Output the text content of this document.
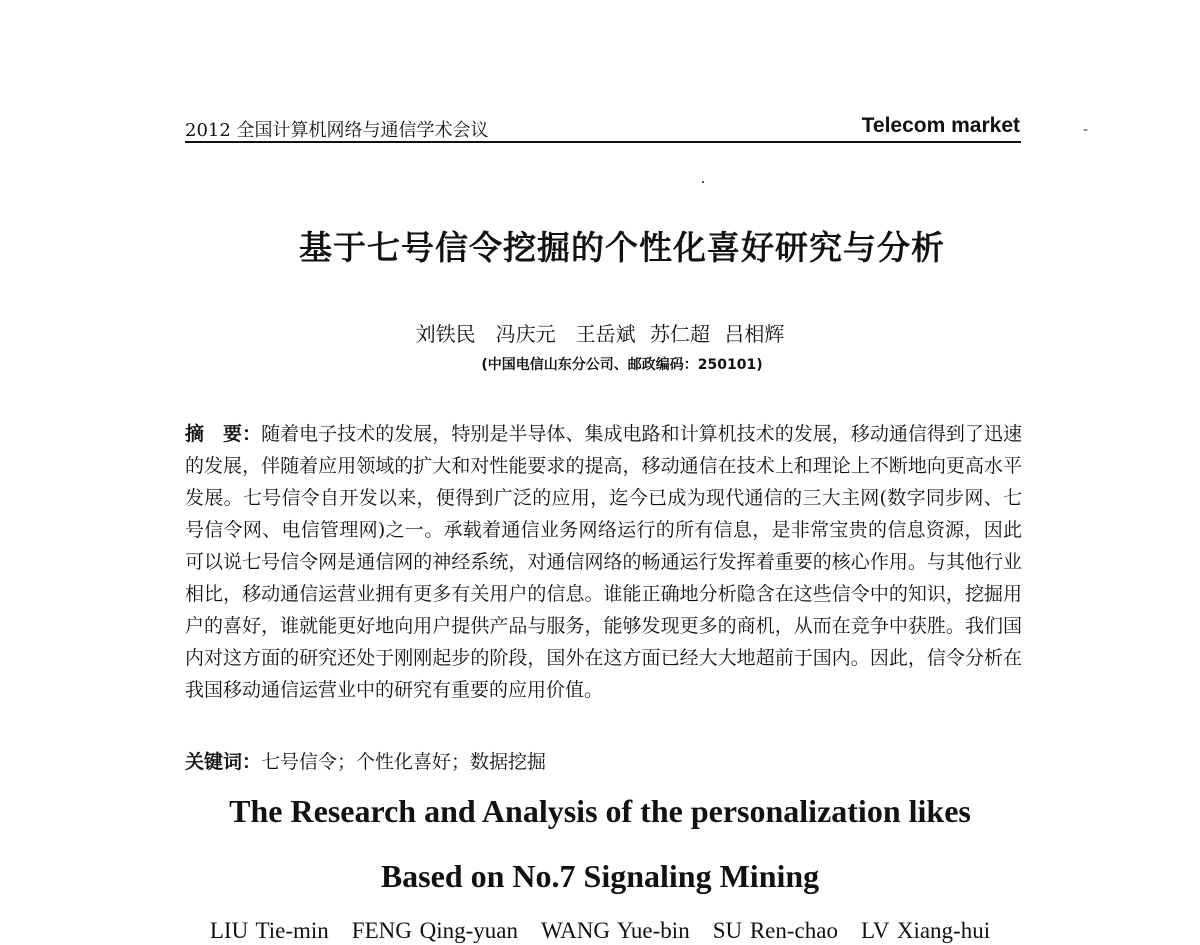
2012 全国计算机网络与通信学术会议	Telecom market	-
基于七号信令挖掘的个性化喜好研究与分析
刘铁民　冯庆元　王岳斌 苏仁超 吕相辉
(中国电信山东分公司、邮政编码：250101)
摘　要：随着电子技术的发展，特别是半导体、集成电路和计算机技术的发展，移动通信得到了迅速的发展，伴随着应用领域的扩大和对性能要求的提高，移动通信在技术上和理论上不断地向更高水平发展。七号信令自开发以来，便得到广泛的应用，迄今已成为现代通信的三大主网(数字同步网、七号信令网、电信管理网)之一。承载着通信业务网络运行的所有信息，是非常宝贵的信息资源，因此可以说七号信令网是通信网的神经系统，对通信网络的畅通运行发挥着重要的核心作用。与其他行业相比，移动通信运营业拥有更多有关用户的信息。谁能正确地分析隐含在这些信令中的知识，挖掘用户的喜好，谁就能更好地向用户提供产品与服务，能够发现更多的商机，从而在竞争中获胜。我们国内对这方面的研究还处于刚刚起步的阶段，国外在这方面已经大大地超前于国内。因此，信令分析在我国移动通信运营业中的研究有重要的应用价值。
关键词：七号信令；个性化喜好；数据挖掘
The Research and Analysis of the personalization likes
Based on No.7 Signaling Mining
LIU Tie-min　FENG Qing-yuan　WANG Yue-bin　SU Ren-chao　LV Xiang-hui
